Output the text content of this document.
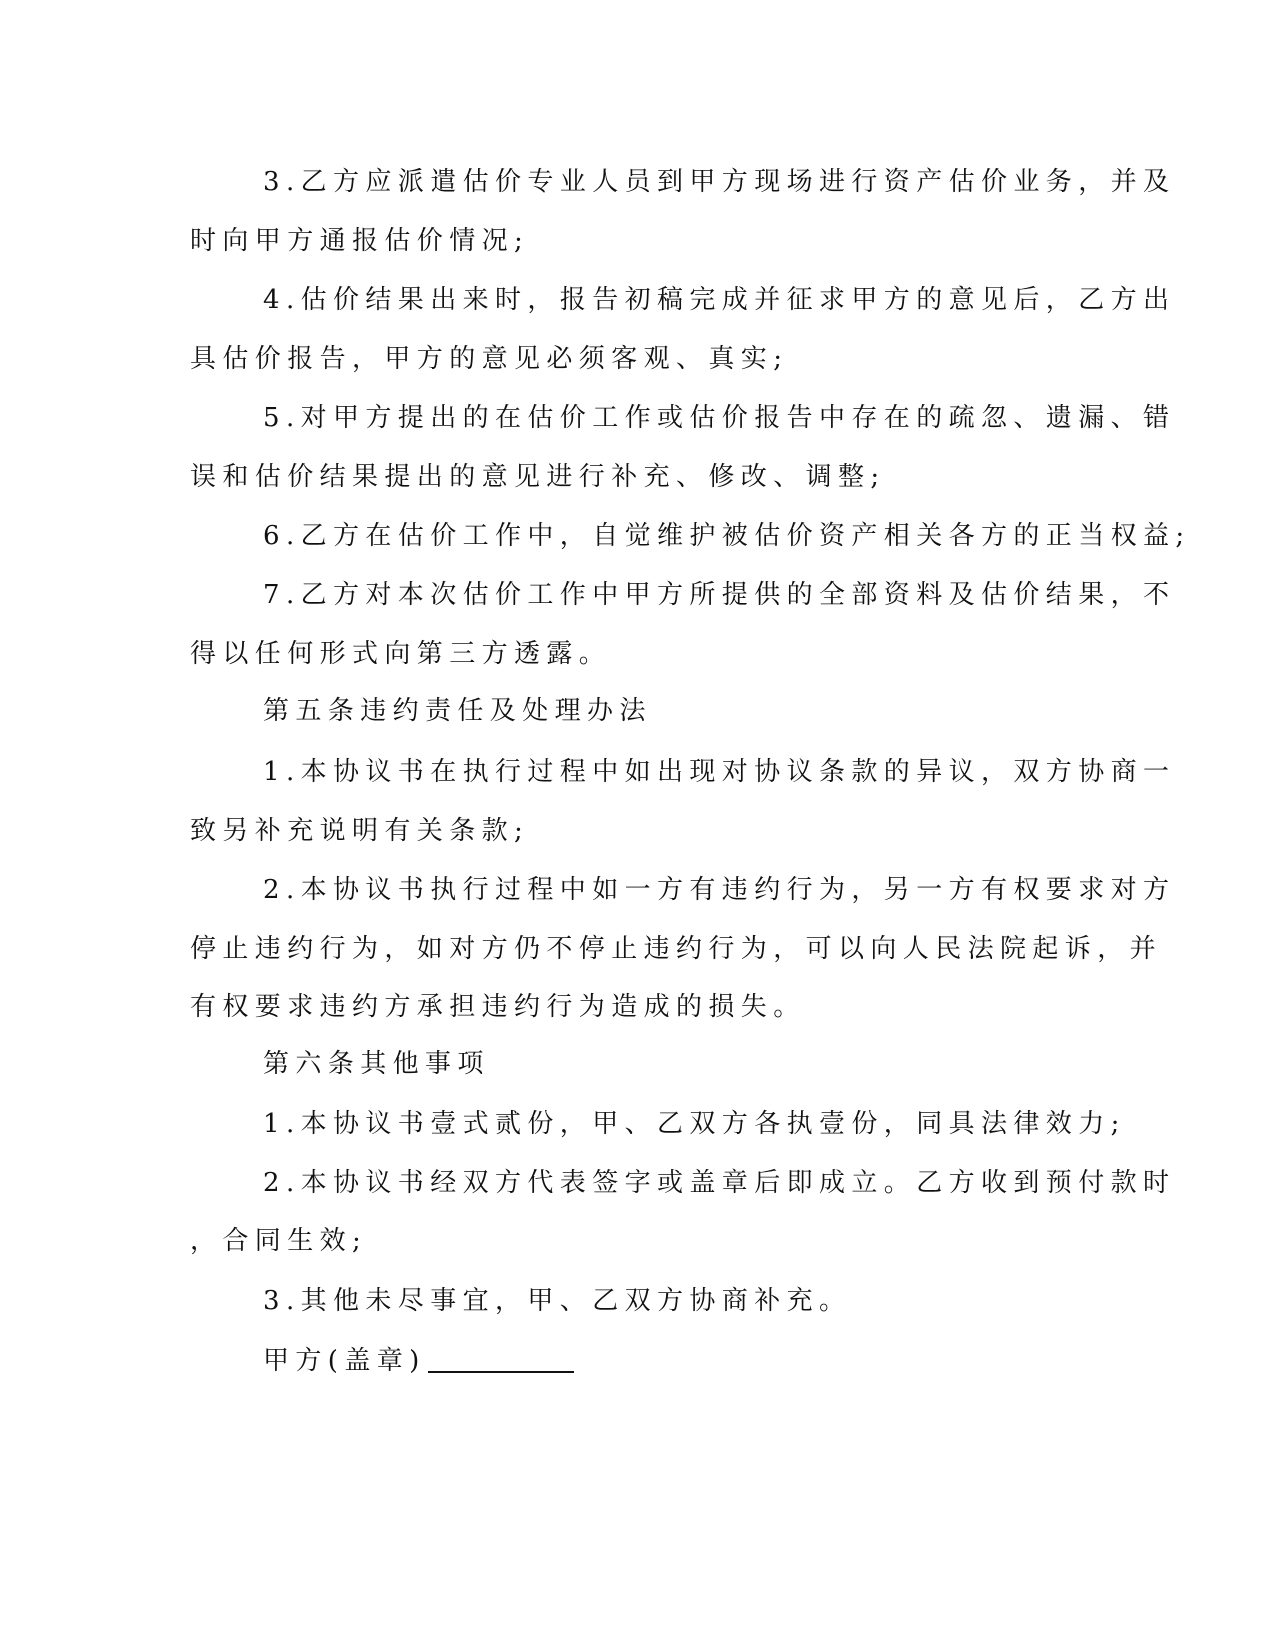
3.乙方应派遣估价专业人员到甲方现场进行资产估价业务，并及
时向甲方通报估价情况;
4.估价结果出来时，报告初稿完成并征求甲方的意见后，乙方出
具估价报告，甲方的意见必须客观、真实;
5.对甲方提出的在估价工作或估价报告中存在的疏忽、遗漏、错
误和估价结果提出的意见进行补充、修改、调整;
6.乙方在估价工作中，自觉维护被估价资产相关各方的正当权益;
7.乙方对本次估价工作中甲方所提供的全部资料及估价结果，不
得以任何形式向第三方透露。
第五条违约责任及处理办法
1.本协议书在执行过程中如出现对协议条款的异议，双方协商一
致另补充说明有关条款;
2.本协议书执行过程中如一方有违约行为，另一方有权要求对方
停止违约行为，如对方仍不停止违约行为，可以向人民法院起诉，并
有权要求违约方承担违约行为造成的损失。
第六条其他事项
1.本协议书壹式贰份，甲、乙双方各执壹份，同具法律效力;
2.本协议书经双方代表签字或盖章后即成立。乙方收到预付款时
，合同生效;
3.其他未尽事宜，甲、乙双方协商补充。
甲方(盖章)
